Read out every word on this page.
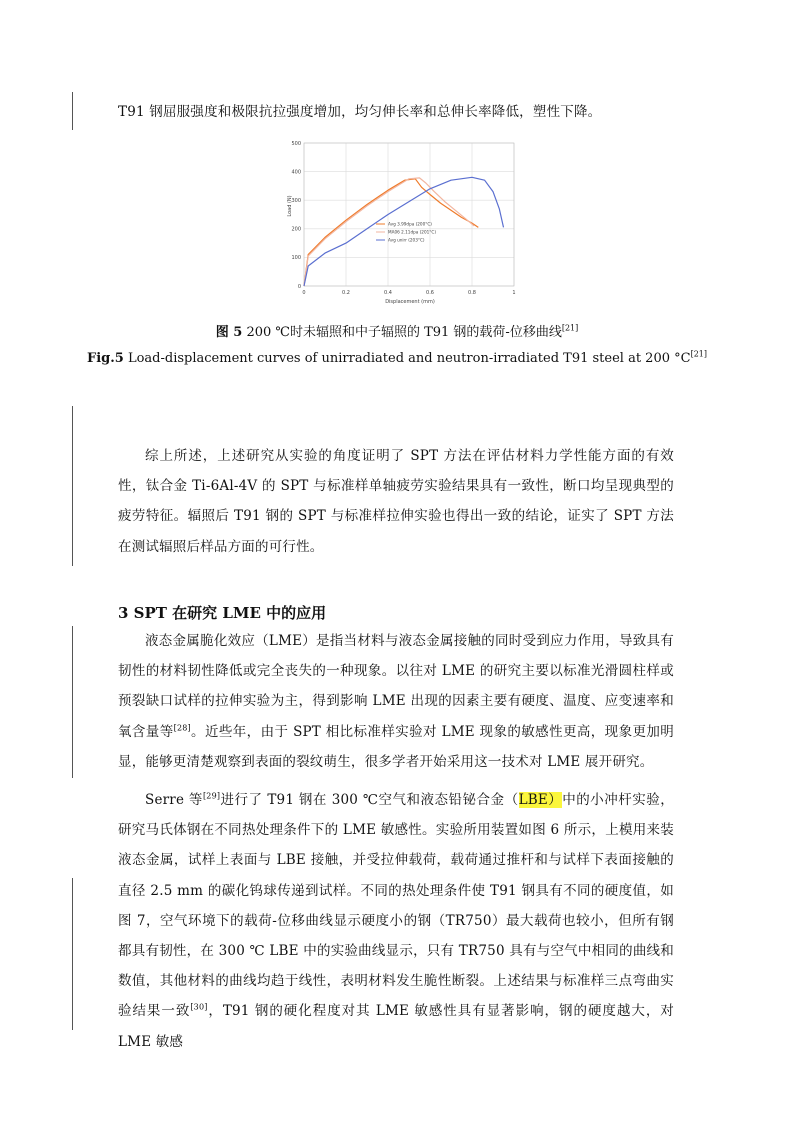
T91 钢屈服强度和极限抗拉强度增加，均匀伸长率和总伸长率降低，塑性下降。

0
100
200
300
400
500
0	0.2	0.4	0.6	0.8	1
Avg 3.99dpa (200°C)
MA06 2.11dpa (201°C)
Avg unirr (203°C)
Load (N)
Displacement (mm)
图 5 200 ℃时未辐照和中子辐照的 T91 钢的载荷-位移曲线[21]
Fig.5 Load-displacement curves of unirradiated and neutron-irradiated T91 steel at 200 °C[21]

综上所述，上述研究从实验的角度证明了 SPT 方法在评估材料力学性能方面的有效性，钛合金 Ti-6Al-4V 的 SPT 与标准样单轴疲劳实验结果具有一致性，断口均呈现典型的疲劳特征。辐照后 T91 钢的 SPT 与标准样拉伸实验也得出一致的结论，证实了 SPT 方法在测试辐照后样品方面的可行性。

3 SPT 在研究 LME 中的应用

液态金属脆化效应（LME）是指当材料与液态金属接触的同时受到应力作用，导致具有韧性的材料韧性降低或完全丧失的一种现象。以往对 LME 的研究主要以标准光滑圆柱样或预裂缺口试样的拉伸实验为主，得到影响 LME 出现的因素主要有硬度、温度、应变速率和氧含量等[28]。近些年，由于 SPT 相比标准样实验对 LME 现象的敏感性更高，现象更加明显，能够更清楚观察到表面的裂纹萌生，很多学者开始采用这一技术对 LME 展开研究。

Serre 等[29]进行了 T91 钢在 300 ℃空气和液态铅铋合金（LBE）中的小冲杆实验，研究马氏体钢在不同热处理条件下的 LME 敏感性。实验所用装置如图 6 所示，上模用来装液态金属，试样上表面与 LBE 接触，并受拉伸载荷，载荷通过推杆和与试样下表面接触的直径 2.5 mm 的碳化钨球传递到试样。不同的热处理条件使 T91 钢具有不同的硬度值，如图 7，空气环境下的载荷-位移曲线显示硬度小的钢（TR750）最大载荷也较小，但所有钢都具有韧性，在 300 ℃ LBE 中的实验曲线显示，只有 TR750 具有与空气中相同的曲线和数值，其他材料的曲线均趋于线性，表明材料发生脆性断裂。上述结果与标准样三点弯曲实验结果一致[30]，T91 钢的硬化程度对其 LME 敏感性具有显著影响，钢的硬度越大，对 LME 敏感
